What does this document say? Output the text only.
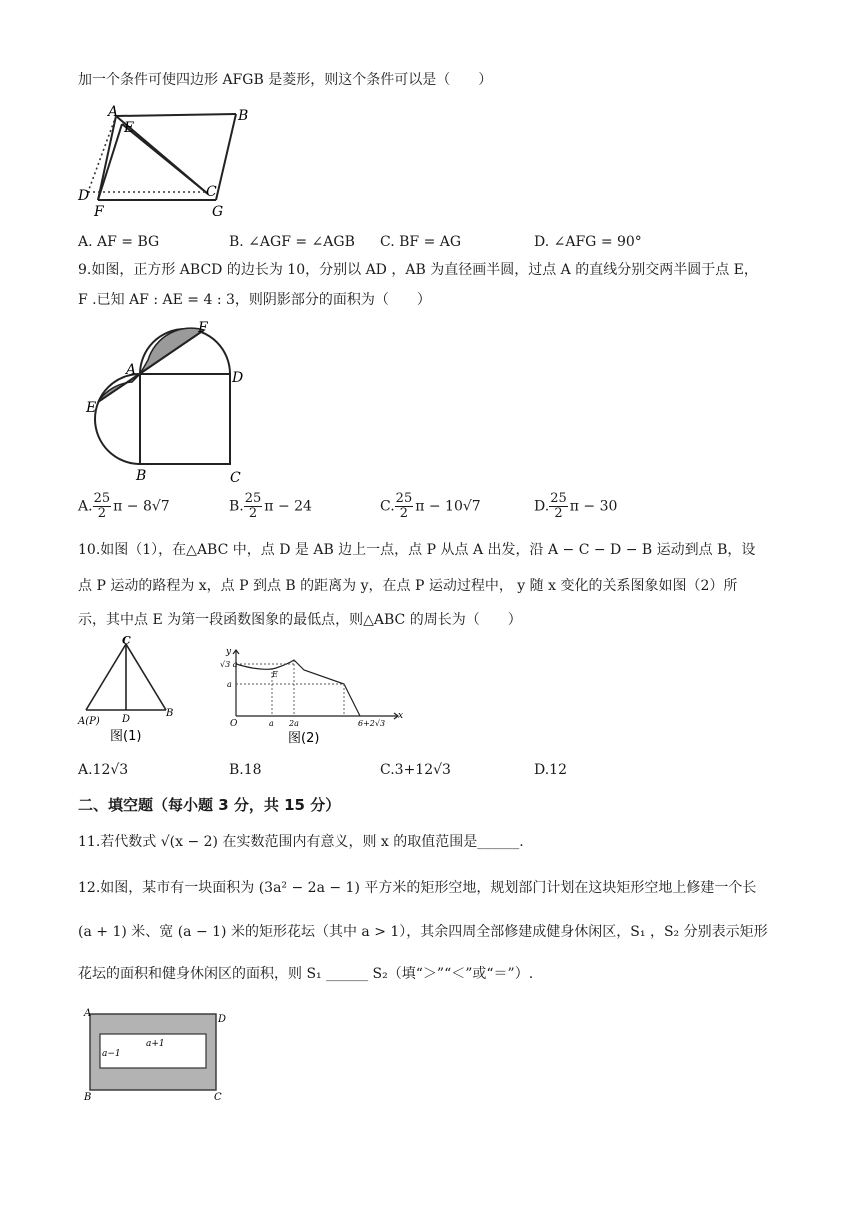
加一个条件可使四边形 AFGB 是菱形，则这个条件可以是（　　）
A	B
E
C
D
F	G
A. AF = BG	B. ∠AGF = ∠AGB C. BF = AG	D. ∠AFG = 90°
9.如图，正方形 ABCD 的边长为 10，分别以 AD ，AB 为直径画半圆，过点 A 的直线分别交两半圆于点 E，
F .已知 AF : AE = 4 : 3，则阴影部分的面积为（　　）
A	D
C
B
E
F
A. $\frac{25}{2}$ π − 8√7	B. $\frac{25}{2}$ π − 24	C. $\frac{25}{2}$ π − 10√7	D. $\frac{25}{2}$ π − 30
10.如图（1），在△ABC 中，点 D 是 AB 边上一点，点 P 从点 A 出发，沿 A − C − D − B 运动到点 B，设
点 P 运动的路程为 x，点 P 到点 B 的距离为 y，在点 P 运动过程中， y 随 x 变化的关系图象如图（2）所
示，其中点 E 为第一段函数图象的最低点，则△ABC 的周长为（　　）
C
A(P) D
B
图(1)
y
x
O
√3 a
a
E
a 2a	6+2√3
图(2)
A.12√3	B.18	C.3+12√3	D.12
二、填空题（每小题 3 分，共 15 分）
11.若代数式 √(x − 2) 在实数范围内有意义，则 x 的取值范围是______.
12.如图，某市有一块面积为 (3a² − 2a − 1) 平方米的矩形空地，规划部门计划在这块矩形空地上修建一个长
(a + 1) 米、宽 (a − 1) 米的矩形花坛（其中 a > 1），其余四周全部修建成健身休闲区，S₁ ，S₂ 分别表示矩形
花坛的面积和健身休闲区的面积，则 S₁ ______ S₂（填“＞”“＜”或“＝”）.
A
D
B	C
a−1
a+1
